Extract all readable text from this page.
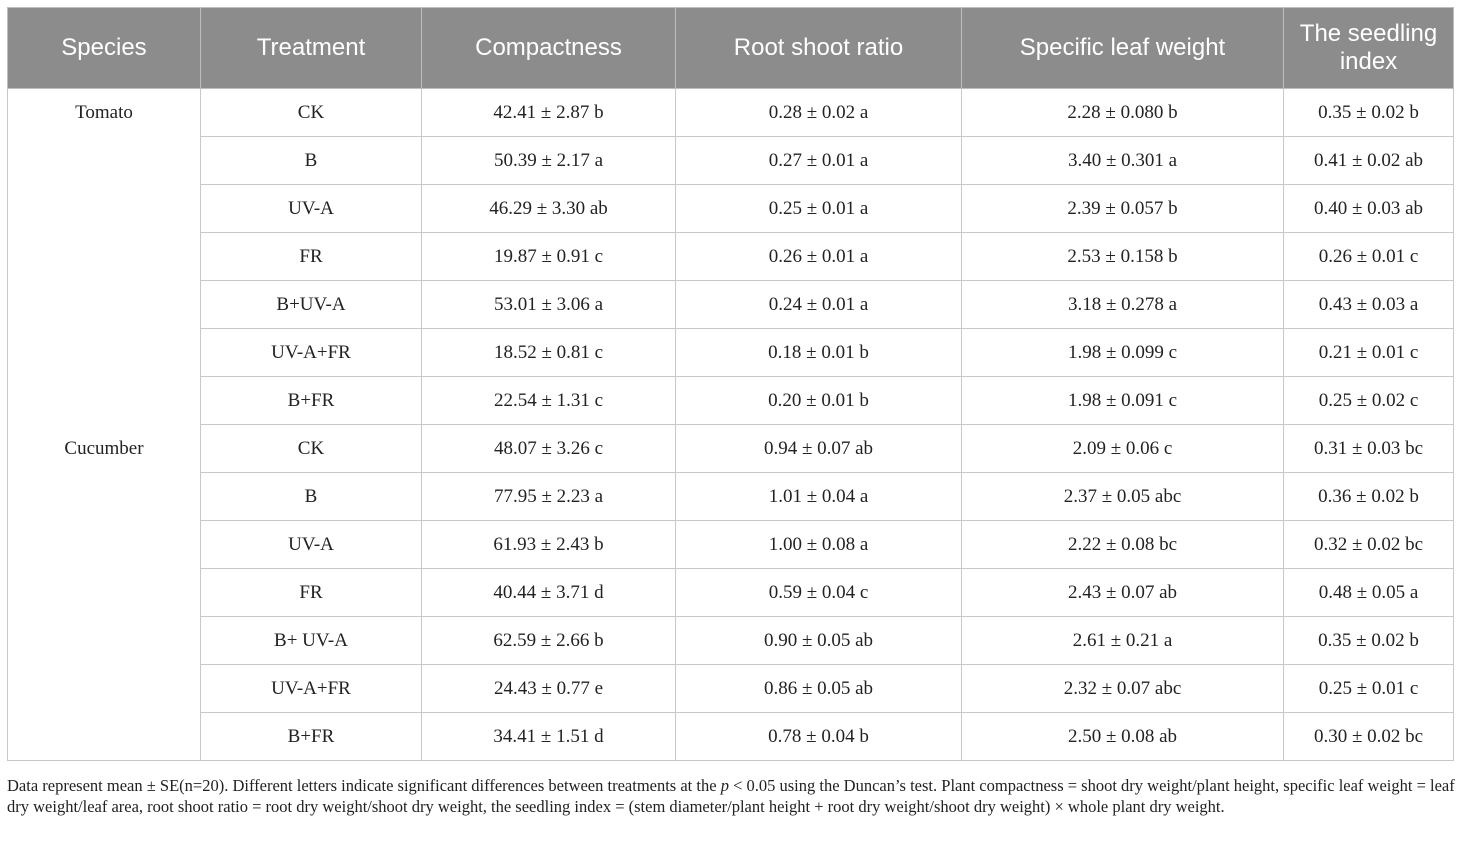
Species	Treatment	Compactness	Root shoot ratio	Specific leaf weight	The seedling index
Tomato	CK	42.41 ± 2.87 b	0.28 ± 0.02 a	2.28 ± 0.080 b	0.35 ± 0.02 b
	B	50.39 ± 2.17 a	0.27 ± 0.01 a	3.40 ± 0.301 a	0.41 ± 0.02 ab
	UV-A	46.29 ± 3.30 ab	0.25 ± 0.01 a	2.39 ± 0.057 b	0.40 ± 0.03 ab
	FR	19.87 ± 0.91 c	0.26 ± 0.01 a	2.53 ± 0.158 b	0.26 ± 0.01 c
	B+UV-A	53.01 ± 3.06 a	0.24 ± 0.01 a	3.18 ± 0.278 a	0.43 ± 0.03 a
	UV-A+FR	18.52 ± 0.81 c	0.18 ± 0.01 b	1.98 ± 0.099 c	0.21 ± 0.01 c
	B+FR	22.54 ± 1.31 c	0.20 ± 0.01 b	1.98 ± 0.091 c	0.25 ± 0.02 c
Cucumber	CK	48.07 ± 3.26 c	0.94 ± 0.07 ab	2.09 ± 0.06 c	0.31 ± 0.03 bc
	B	77.95 ± 2.23 a	1.01 ± 0.04 a	2.37 ± 0.05 abc	0.36 ± 0.02 b
	UV-A	61.93 ± 2.43 b	1.00 ± 0.08 a	2.22 ± 0.08 bc	0.32 ± 0.02 bc
	FR	40.44 ± 3.71 d	0.59 ± 0.04 c	2.43 ± 0.07 ab	0.48 ± 0.05 a
	B+ UV-A	62.59 ± 2.66 b	0.90 ± 0.05 ab	2.61 ± 0.21 a	0.35 ± 0.02 b
	UV-A+FR	24.43 ± 0.77 e	0.86 ± 0.05 ab	2.32 ± 0.07 abc	0.25 ± 0.01 c
	B+FR	34.41 ± 1.51 d	0.78 ± 0.04 b	2.50 ± 0.08 ab	0.30 ± 0.02 bc

Data represent mean ± SE(n=20). Different letters indicate significant differences between treatments at the p < 0.05 using the Duncan’s test. Plant compactness = shoot dry weight/plant height, specific leaf weight = leaf dry weight/leaf area, root shoot ratio = root dry weight/shoot dry weight, the seedling index = (stem diameter/plant height + root dry weight/shoot dry weight) × whole plant dry weight.
